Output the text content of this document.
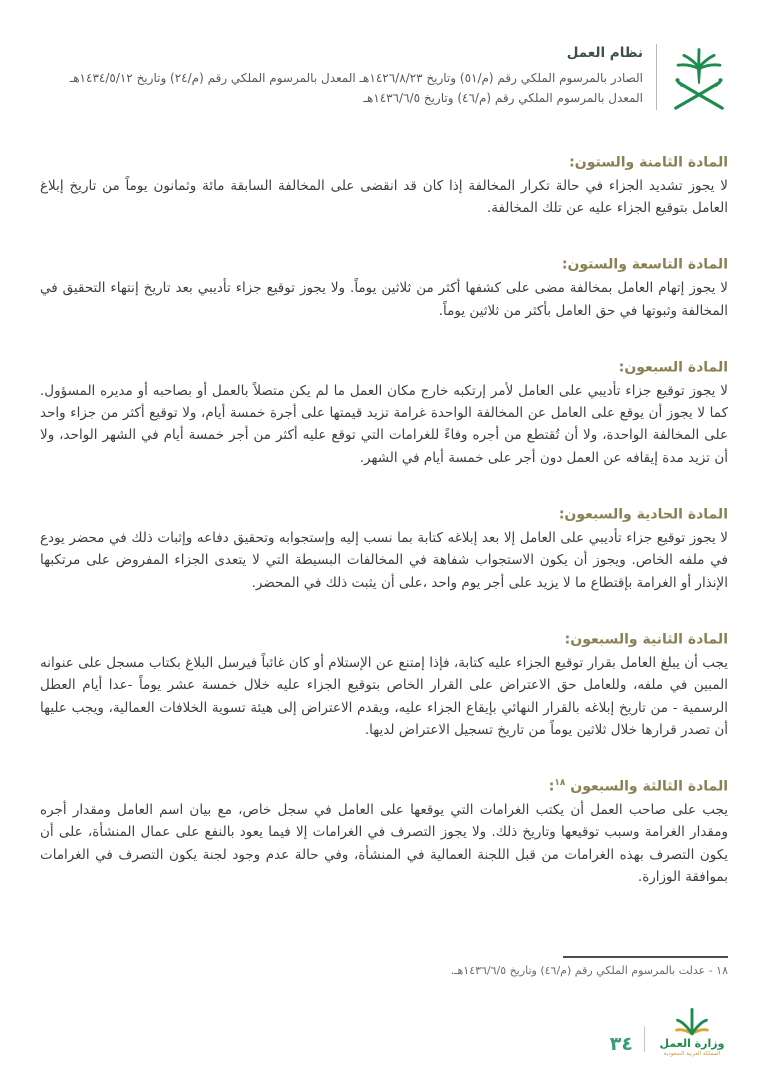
نظام العمل
الصادر بالمرسوم الملكي رقم (م/٥١) وتاريخ ١٤٢٦/٨/٢٣هـ المعدل بالمرسوم الملكي رقم (م/٢٤) وتاريخ ١٤٣٤/٥/١٢هـ
المعدل بالمرسوم الملكي رقم (م/٤٦) وتاريخ ١٤٣٦/٦/٥هـ
المادة الثامنة والستون:

لا يجوز تشديد الجزاء في حالة تكرار المخالفة إذا كان قد انقضى على المخالفة السابقة مائة وثمانون يوماً من تاريخ إبلاغ العامل بتوقيع الجزاء عليه عن تلك المخالفة.

المادة التاسعة والستون:

لا يجوز إتهام العامل بمخالفة مضى على كشفها أكثر من ثلاثين يوماً. ولا يجوز توقيع جزاء تأديبي بعد تاريخ إنتهاء التحقيق في المخالفة وثبوتها في حق العامل بأكثر من ثلاثين يوماً.

المادة السبعون:

لا يجوز توقيع جزاء تأديبي على العامل لأمر إرتكبه خارج مكان العمل ما لم يكن متصلاً بالعمل أو بصاحبه أو مديره المسؤول. كما لا يجوز أن يوقع على العامل عن المخالفة الواحدة غرامة تزيد قيمتها على أجرة خمسة أيام، ولا توقيع أكثر من جزاء واحد على المخالفة الواحدة، ولا أن تُقتطع من أجره وفاءً للغرامات التي توقع عليه أكثر من أجر خمسة أيام في الشهر الواحد، ولا أن تزيد مدة إيقافه عن العمل دون أجر على خمسة أيام في الشهر.

المادة الحادية والسبعون:

لا يجوز توقيع جزاء تأديبي على العامل إلا بعد إبلاغه كتابة بما نسب إليه وإستجوابه وتحقيق دفاعه وإثبات ذلك في محضر يودع في ملفه الخاص. ويجوز أن يكون الاستجواب شفاهة في المخالفات البسيطة التي لا يتعدى الجزاء المفروض على مرتكبها الإنذار أو الغرامة بإقتطاع ما لا يزيد على أجر يوم واحد ،على أن يثبت ذلك في المحضر.

المادة الثانية والسبعون:

يجب أن يبلغ العامل بقرار توقيع الجزاء عليه كتابة، فإذا إمتنع عن الإستلام أو كان غائباً فيرسل البلاغ بكتاب مسجل على عنوانه المبين في ملفه، وللعامل حق الاعتراض على القرار الخاص بتوقيع الجزاء عليه خلال خمسة عشر يوماً -عدا أيام العطل الرسمية - من تاريخ إبلاغه بالقرار النهائي بإيقاع الجزاء عليه، ويقدم الاعتراض إلى هيئة تسوية الخلافات العمالية، ويجب عليها أن تصدر قرارها خلال ثلاثين يوماً من تاريخ تسجيل الاعتراض لديها.

المادة الثالثة والسبعون $^{١٨}$:

يجب على صاحب العمل أن يكتب الغرامات التي يوقعها على العامل في سجل خاص، مع بيان اسم العامل ومقدار أجره ومقدار الغرامة وسبب توقيعها وتاريخ ذلك. ولا يجوز التصرف في الغرامات إلا فيما يعود بالنفع على عمال المنشأة، على أن يكون التصرف بهذه الغرامات من قبل اللجنة العمالية في المنشأة، وفي حالة عدم وجود لجنة يكون التصرف في الغرامات بموافقة الوزارة.

١٨ - عدلت بالمرسوم الملكي رقم (م/٤٦) وتاريخ ١٤٣٦/٦/٥هـ.
وزارة العمل
المملكة العربية السعودية
٣٤
